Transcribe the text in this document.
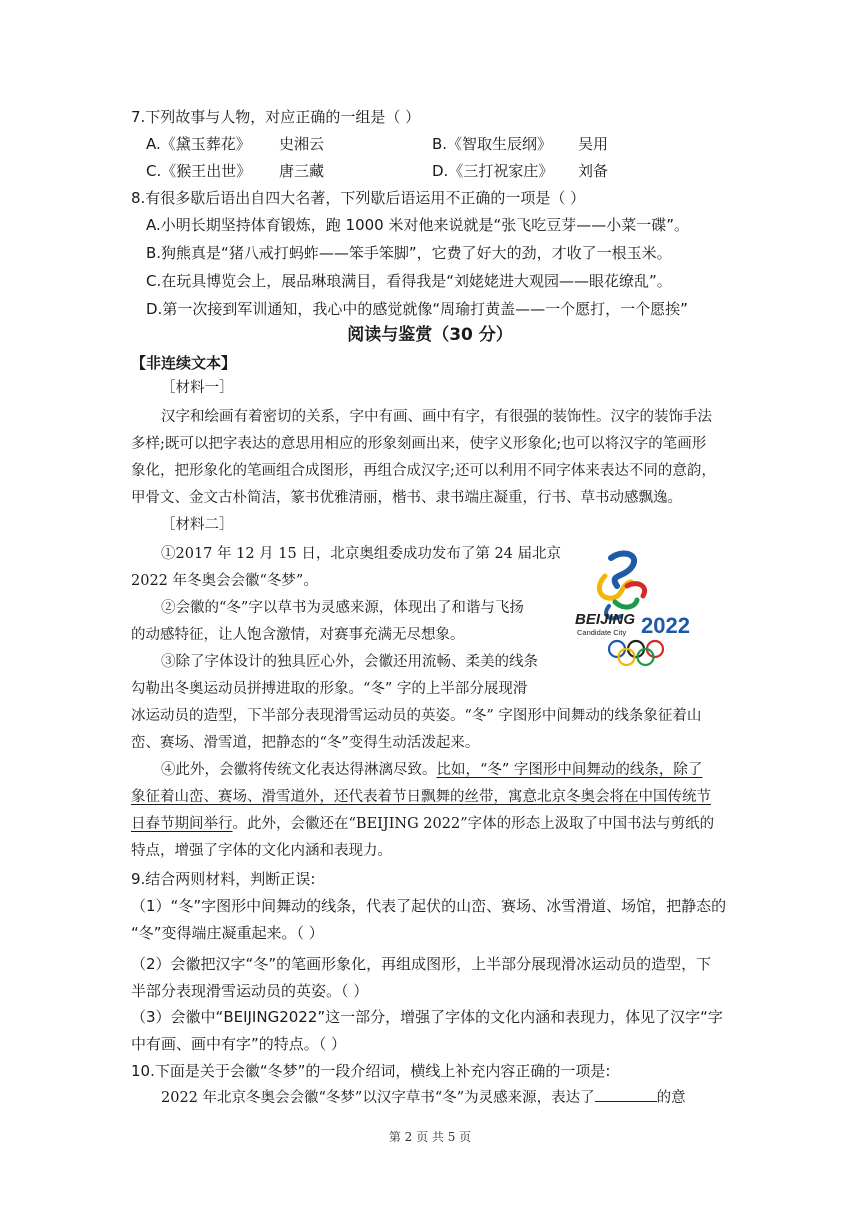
7.下列故事与人物，对应正确的一组是（ ）
A.《黛玉葬花》 史湘云	B.《智取生辰纲》 吴用
C.《猴王出世》 唐三藏	D.《三打祝家庄》 刘备
8.有很多歇后语出自四大名著，下列歇后语运用不正确的一项是（ ）
A.小明长期坚持体育锻炼，跑 1000 米对他来说就是“张飞吃豆芽——小菜一碟”。
B.狗熊真是“猪八戒打蚂蚱——笨手笨脚”，它费了好大的劲，才收了一根玉米。
C.在玩具博览会上，展品琳琅满目，看得我是“刘姥姥进大观园——眼花缭乱”。
D.第一次接到军训通知，我心中的感觉就像“周瑜打黄盖——一个愿打，一个愿挨”
阅读与鉴赏（30 分）
【非连续文本】
［材料一］
汉字和绘画有着密切的关系，字中有画、画中有字，有很强的装饰性。汉字的装饰手法
多样;既可以把字表达的意思用相应的形象刻画出来，使字义形象化;也可以将汉字的笔画形
象化，把形象化的笔画组合成图形，再组合成汉字;还可以利用不同字体来表达不同的意韵，
甲骨文、金文古朴简洁，篆书优雅清丽，楷书、隶书端庄凝重，行书、草书动感飘逸。
［材料二］
①2017 年 12 月 15 日，北京奥组委成功发布了第 24 届北京
2022 年冬奥会会徽“冬梦”。
②会徽的“冬”字以草书为灵感来源，体现出了和谐与飞扬
的动感特征，让人饱含激情，对赛事充满无尽想象。
③除了字体设计的独具匠心外，会徽还用流畅、柔美的线条
勾勒出冬奥运动员拼搏进取的形象。“冬” 字的上半部分展现滑
冰运动员的造型，下半部分表现滑雪运动员的英姿。“冬” 字图形中间舞动的线条象征着山
峦、赛场、滑雪道，把静态的“冬”变得生动活泼起来。
④此外，会徽将传统文化表达得淋漓尽致。比如，“冬” 字图形中间舞动的线条，除了
象征着山峦、赛场、滑雪道外，还代表着节日飘舞的丝带，寓意北京冬奥会将在中国传统节
日春节期间举行。此外，会徽还在“BEIJING 2022”字体的形态上汲取了中国书法与剪纸的
特点，增强了字体的文化内涵和表现力。
BEIJING
Candidate City 2022
9.结合两则材料，判断正误:
（1）“冬”字图形中间舞动的线条，代表了起伏的山峦、赛场、冰雪滑道、场馆，把静态的
“冬”变得端庄凝重起来。（ ）
（2）会徽把汉字“冬”的笔画形象化，再组成图形，上半部分展现滑冰运动员的造型，下
半部分表现滑雪运动员的英姿。（ ）
（3）会徽中“BEIJING2022”这一部分，增强了字体的文化内涵和表现力，体见了汉字“字
中有画、画中有字”的特点。（ ）
10.下面是关于会徽“冬梦”的一段介绍词，横线上补充内容正确的一项是:
2022 年北京冬奥会会徽“冬梦”以汉字草书“冬”为灵感来源，表达了	的意
第 2 页 共 5 页
